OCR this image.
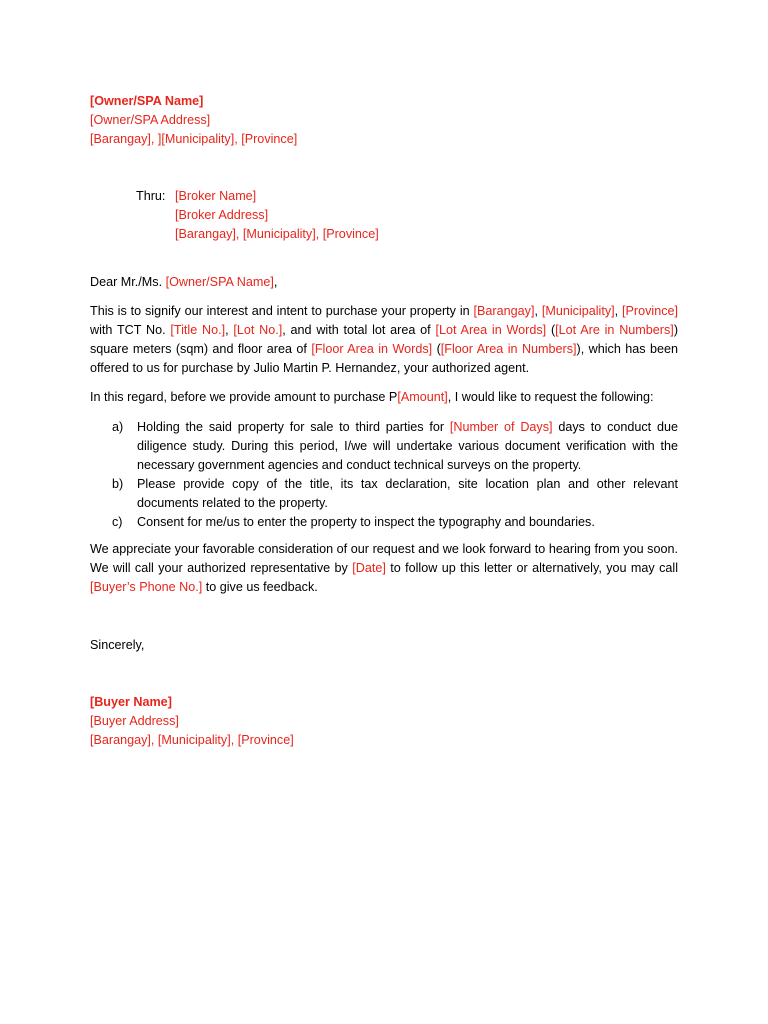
[Owner/SPA Name]
[Owner/SPA Address]
[Barangay], ][Municipality], [Province]
Thru: [Broker Name]
[Broker Address]
[Barangay], [Municipality], [Province]
Dear Mr./Ms. [Owner/SPA Name],

This is to signify our interest and intent to purchase your property in [Barangay], [Municipality], [Province] with TCT No. [Title No.], [Lot No.], and with total lot area of [Lot Area in Words] ([Lot Are in Numbers]) square meters (sqm) and floor area of [Floor Area in Words] ([Floor Area in Numbers]), which has been offered to us for purchase by Julio Martin P. Hernandez, your authorized agent.

In this regard, before we provide amount to purchase P[Amount], I would like to request the following:
a) Holding the said property for sale to third parties for [Number of Days] days to conduct due diligence study. During this period, I/we will undertake various document verification with the necessary government agencies and conduct technical surveys on the property.

b) Please provide copy of the title, its tax declaration, site location plan and other relevant documents related to the property.

c) Consent for me/us to enter the property to inspect the typography and boundaries.

We appreciate your favorable consideration of our request and we look forward to hearing from you soon. We will call your authorized representative by [Date] to follow up this letter or alternatively, you may call [Buyer’s Phone No.] to give us feedback.

Sincerely,
[Buyer Name]
[Buyer Address]
[Barangay], [Municipality], [Province]
